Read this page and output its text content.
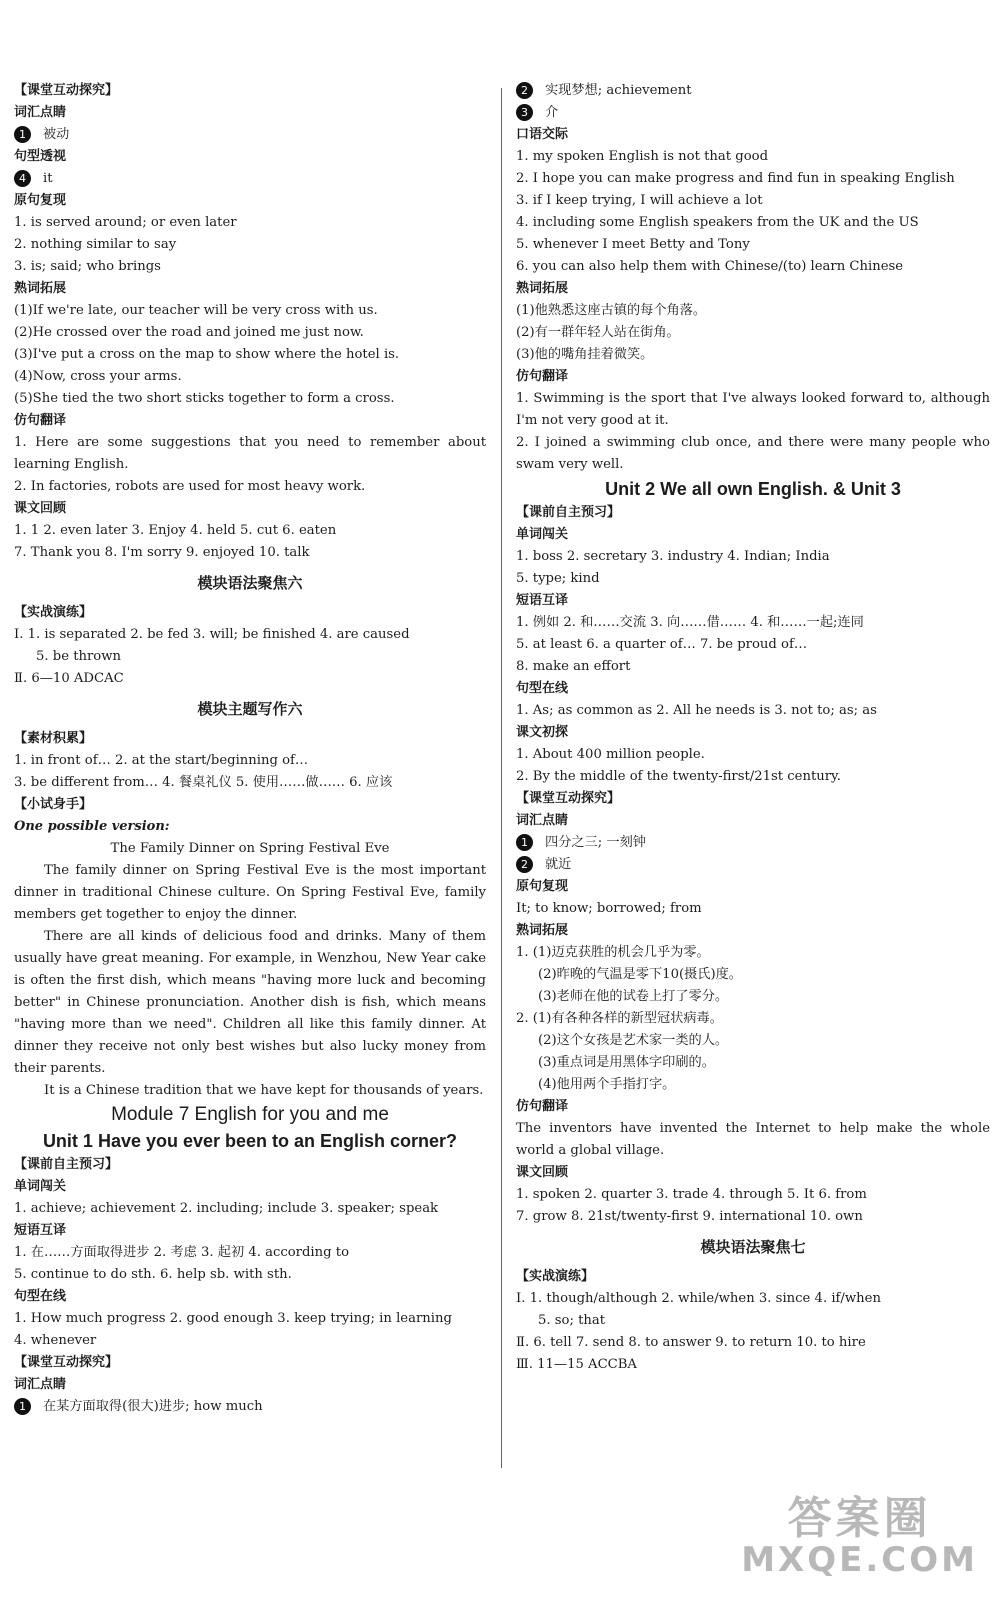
【课堂互动探究】
词汇点睛
1 被动
句型透视
4 it
原句复现
1. is served around; or even later
2. nothing similar to say
3. is; said; who brings
熟词拓展
(1)If we're late, our teacher will be very cross with us.
(2)He crossed over the road and joined me just now.
(3)I've put a cross on the map to show where the hotel is.
(4)Now, cross your arms.
(5)She tied the two short sticks together to form a cross.
仿句翻译
1. Here are some suggestions that you need to remember about learning English.
2. In factories, robots are used for most heavy work.
课文回顾
1. 1 2. even later 3. Enjoy 4. held 5. cut 6. eaten
7. Thank you 8. I'm sorry 9. enjoyed 10. talk
模块语法聚焦六
【实战演练】
Ⅰ. 1. is separated 2. be fed 3. will; be finished 4. are caused
5. be thrown
Ⅱ. 6—10 ADCAC
模块主题写作六
【素材积累】
1. in front of… 2. at the start/beginning of…
3. be different from… 4. 餐桌礼仪 5. 使用……做…… 6. 应该
【小试身手】
One possible version:
The Family Dinner on Spring Festival Eve
The family dinner on Spring Festival Eve is the most important dinner in traditional Chinese culture. On Spring Festival Eve, family members get together to enjoy the dinner.
There are all kinds of delicious food and drinks. Many of them usually have great meaning. For example, in Wenzhou, New Year cake is often the first dish, which means "having more luck and becoming better" in Chinese pronunciation. Another dish is fish, which means "having more than we need". Children all like this family dinner. At dinner they receive not only best wishes but also lucky money from their parents.
It is a Chinese tradition that we have kept for thousands of years.
Module 7 English for you and me
Unit 1 Have you ever been to an English corner?
【课前自主预习】
单词闯关
1. achieve; achievement 2. including; include 3. speaker; speak
短语互译
1. 在……方面取得进步 2. 考虑 3. 起初 4. according to
5. continue to do sth. 6. help sb. with sth.
句型在线
1. How much progress 2. good enough 3. keep trying; in learning
4. whenever
【课堂互动探究】
词汇点睛
1 在某方面取得(很大)进步; how much
2 实现梦想; achievement
3 介
口语交际
1. my spoken English is not that good
2. I hope you can make progress and find fun in speaking English
3. if I keep trying, I will achieve a lot
4. including some English speakers from the UK and the US
5. whenever I meet Betty and Tony
6. you can also help them with Chinese/(to) learn Chinese
熟词拓展
(1)他熟悉这座古镇的每个角落。
(2)有一群年轻人站在街角。
(3)他的嘴角挂着微笑。
仿句翻译
1. Swimming is the sport that I've always looked forward to, although I'm not very good at it.
2. I joined a swimming club once, and there were many people who swam very well.
Unit 2 We all own English. & Unit 3
【课前自主预习】
单词闯关
1. boss 2. secretary 3. industry 4. Indian; India
5. type; kind
短语互译
1. 例如 2. 和……交流 3. 向……借…… 4. 和……一起;连同
5. at least 6. a quarter of… 7. be proud of…
8. make an effort
句型在线
1. As; as common as 2. All he needs is 3. not to; as; as
课文初探
1. About 400 million people.
2. By the middle of the twenty-first/21st century.
【课堂互动探究】
词汇点睛
1 四分之三; 一刻钟
2 就近
原句复现
It; to know; borrowed; from
熟词拓展
1. (1)迈克获胜的机会几乎为零。
(2)昨晚的气温是零下10(摄氏)度。
(3)老师在他的试卷上打了零分。
2. (1)有各种各样的新型冠状病毒。
(2)这个女孩是艺术家一类的人。
(3)重点词是用黑体字印刷的。
(4)他用两个手指打字。
仿句翻译
The inventors have invented the Internet to help make the whole world a global village.
课文回顾
1. spoken 2. quarter 3. trade 4. through 5. It 6. from
7. grow 8. 21st/twenty-first 9. international 10. own
模块语法聚焦七
【实战演练】
Ⅰ. 1. though/although 2. while/when 3. since 4. if/when
5. so; that
Ⅱ. 6. tell 7. send 8. to answer 9. to return 10. to hire
Ⅲ. 11—15 ACCBA
答案圈
MXQE.COM
